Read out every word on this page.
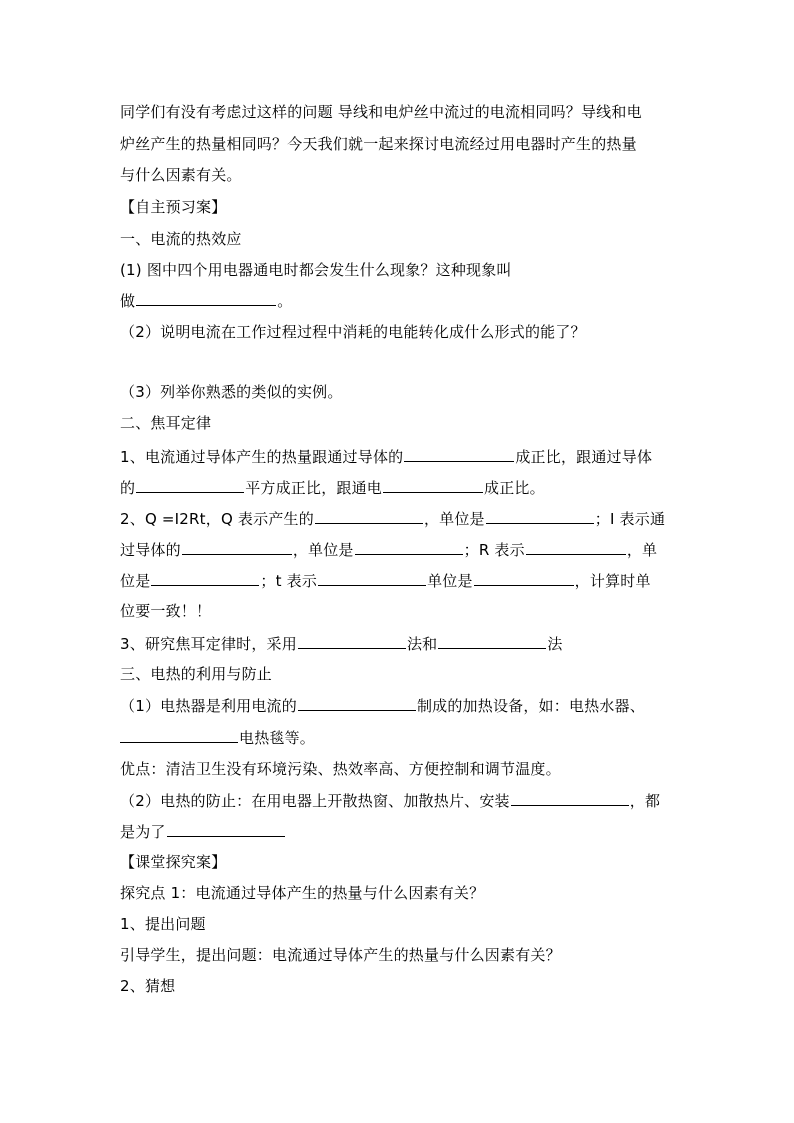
同学们有没有考虑过这样的问题 导线和电炉丝中流过的电流相同吗？导线和电
炉丝产生的热量相同吗？今天我们就一起来探讨电流经过用电器时产生的热量
与什么因素有关。
【自主预习案】
一、电流的热效应
(1) 图中四个用电器通电时都会发生什么现象？这种现象叫
做	。
（2）说明电流在工作过程过程中消耗的电能转化成什么形式的能了？
（3）列举你熟悉的类似的实例。
二、焦耳定律
1、电流通过导体产生的热量跟通过导体的	成正比，跟通过导体
的	平方成正比，跟通电	成正比。
2、Q =I2Rt，Q 表示产生的	，单位是	；I 表示通
过导体的	，单位是	；R 表示	，单
位是	；t 表示	单位是	，计算时单
位要一致！！
3、研究焦耳定律时，采用	法和	法
三、电热的利用与防止
（1）电热器是利用电流的	制成的加热设备，如：电热水器、
电热毯等。
优点：清洁卫生没有环境污染、热效率高、方便控制和调节温度。
（2）电热的防止：在用电器上开散热窗、加散热片、安装	，都
是为了
【课堂探究案】
探究点 1：电流通过导体产生的热量与什么因素有关？
1、提出问题
引导学生，提出问题：电流通过导体产生的热量与什么因素有关？
2、猜想
